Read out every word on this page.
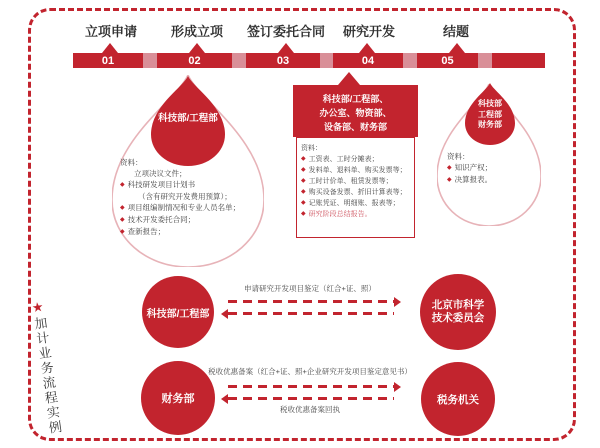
★
加计业务流程实例
立项申请	形成立项 签订委托合同 研究开发	结题
01	02	03	04	05
科技部/工程部
资料：
立项决议文件；
◆ 科技研发项目计划书
（含有研究开发费用预算）；
◆ 项目组编制情况和专业人员名单；
◆ 技术开发委托合同；
◆ 查新报告；
科技部/工程部、
办公室、物资部、
设备部、财务部
资料：
◆ 工资表、工时分摊表；
◆ 发料单、退料单、购买发票等；
◆ 工时计价单、租赁发票等；
◆ 购买设备发票、折旧计算表等；
◆ 记账凭证、明细账、报表等；
◆ 研究阶段总结报告。
科技部
工程部
财务部
资料：
◆ 知识产权；
◆ 决算报表。
科技部/工程部
北京市科学
技术委员会
申请研究开发项目鉴定（红合+证、照）
财务部	税务机关
税收优惠备案（红合+证、照+企业研究开发项目鉴定意见书）
税收优惠备案回执
